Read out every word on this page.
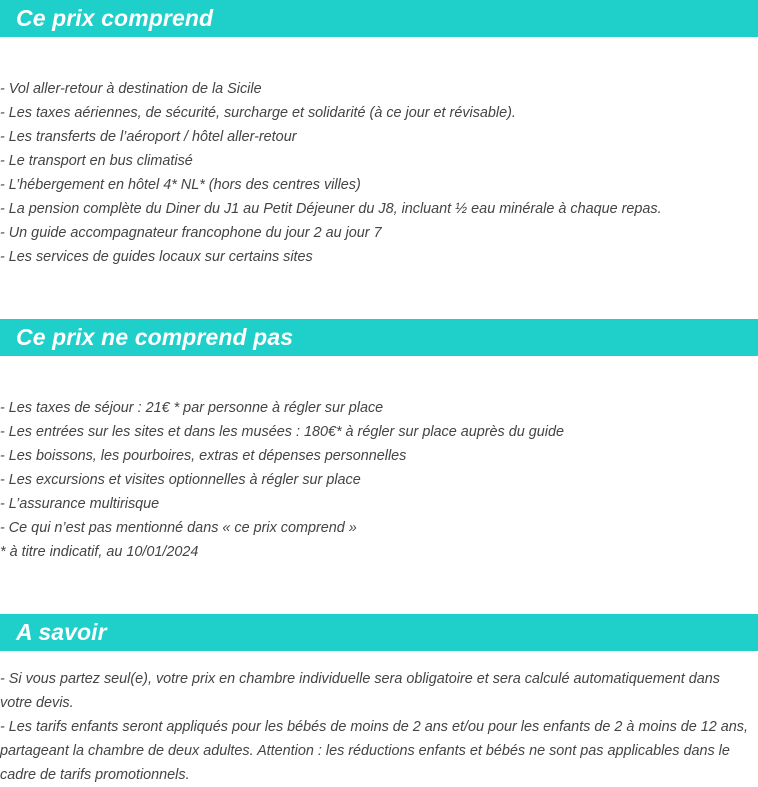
Ce prix comprend
- Vol aller-retour à destination de la Sicile
- Les taxes aériennes, de sécurité, surcharge et solidarité (à ce jour et révisable).
- Les transferts de l’aéroport / hôtel aller-retour
- Le transport en bus climatisé
- L’hébergement en hôtel 4* NL* (hors des centres villes)
- La pension complète du Diner du J1 au Petit Déjeuner du J8, incluant ½ eau minérale à chaque repas.
- Un guide accompagnateur francophone du jour 2 au jour 7
- Les services de guides locaux sur certains sites
Ce prix ne comprend pas
- Les taxes de séjour : 21€ * par personne à régler sur place
- Les entrées sur les sites et dans les musées : 180€* à régler sur place auprès du guide
- Les boissons, les pourboires, extras et dépenses personnelles
- Les excursions et visites optionnelles à régler sur place
- L’assurance multirisque
- Ce qui n’est pas mentionné dans « ce prix comprend »
* à titre indicatif, au 10/01/2024
A savoir

- Si vous partez seul(e), votre prix en chambre individuelle sera obligatoire et sera calculé automatiquement dans votre devis.

- Les tarifs enfants seront appliqués pour les bébés de moins de 2 ans et/ou pour les enfants de 2 à moins de 12 ans, partageant la chambre de deux adultes. Attention : les réductions enfants et bébés ne sont pas applicables dans le cadre de tarifs promotionnels.
